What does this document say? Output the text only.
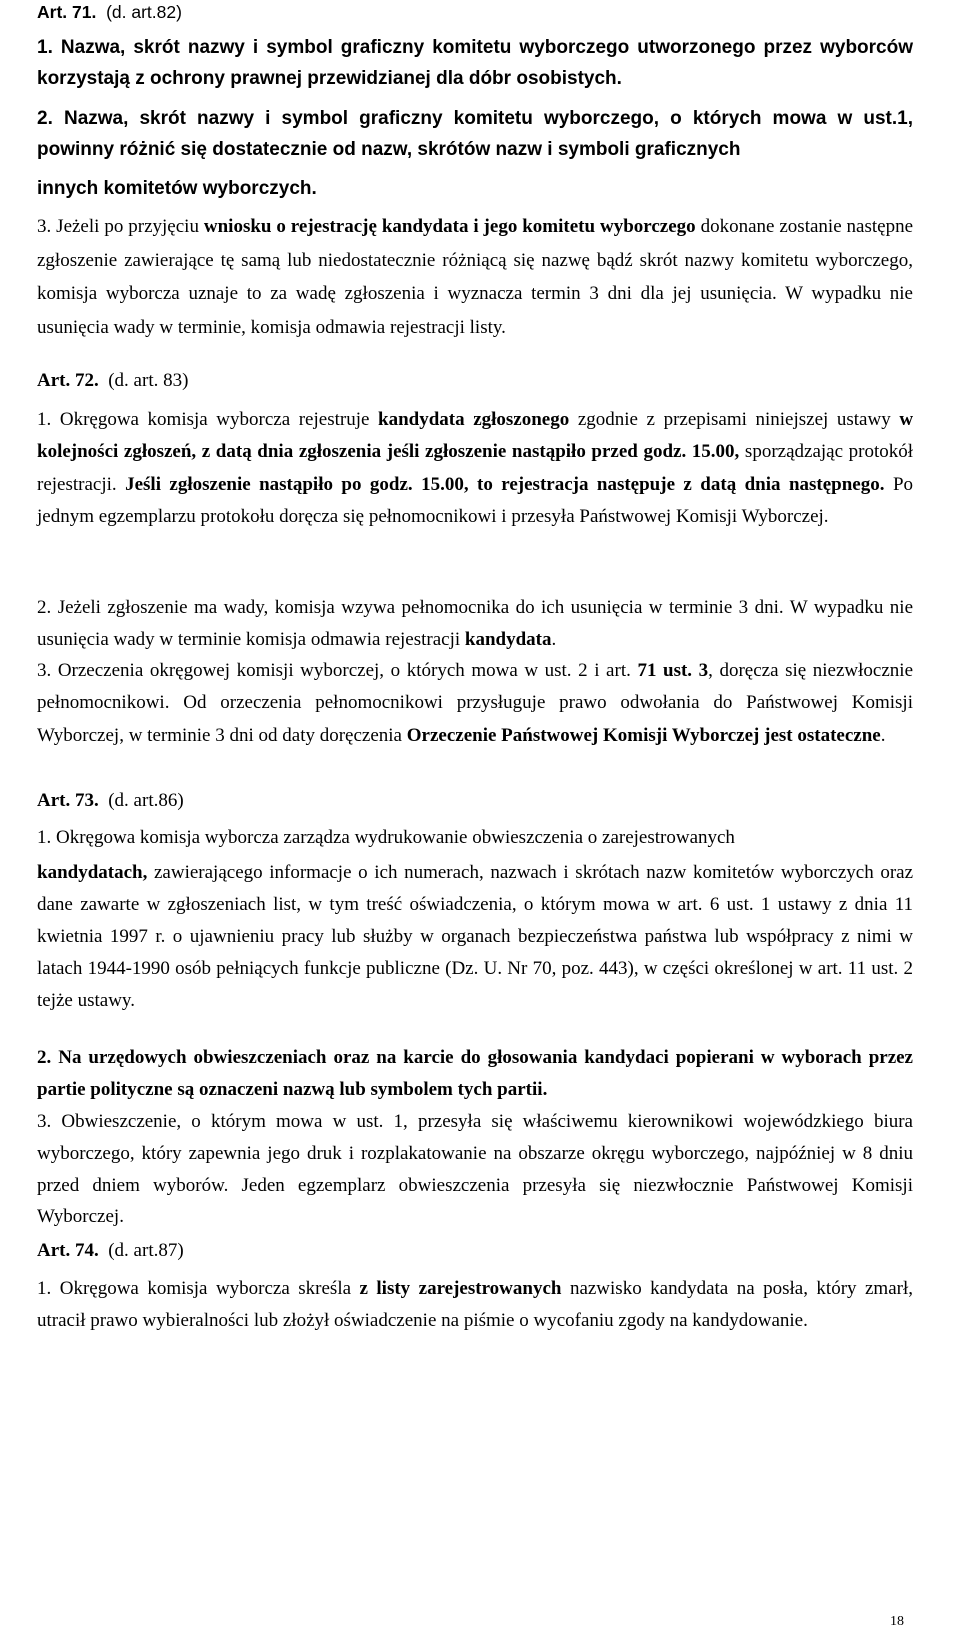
Art. 71. (d. art.82)
1. Nazwa, skrót nazwy i symbol graficzny komitetu wyborczego utworzonego przez wyborców korzystają z ochrony prawnej przewidzianej dla dóbr osobistych.
2. Nazwa, skrót nazwy i symbol graficzny komitetu wyborczego, o których mowa w ust.1, powinny różnić się dostatecznie od nazw, skrótów nazw i symboli graficznych
innych komitetów wyborczych.
3. Jeżeli po przyjęciu wniosku o rejestrację kandydata i jego komitetu wyborczego dokonane zostanie następne zgłoszenie zawierające tę samą lub niedostatecznie różniącą się nazwę bądź skrót nazwy komitetu wyborczego, komisja wyborcza uznaje to za wadę zgłoszenia i wyznacza termin 3 dni dla jej usunięcia. W wypadku nie usunięcia wady w terminie, komisja odmawia rejestracji listy.
Art. 72. (d. art. 83)
1. Okręgowa komisja wyborcza rejestruje kandydata zgłoszonego zgodnie z przepisami niniejszej ustawy w kolejności zgłoszeń, z datą dnia zgłoszenia jeśli zgłoszenie nastąpiło przed godz. 15.00, sporządzając protokół rejestracji. Jeśli zgłoszenie nastąpiło po godz. 15.00, to rejestracja następuje z datą dnia następnego. Po jednym egzemplarzu protokołu doręcza się pełnomocnikowi i przesyła Państwowej Komisji Wyborczej.
2. Jeżeli zgłoszenie ma wady, komisja wzywa pełnomocnika do ich usunięcia w terminie 3 dni. W wypadku nie usunięcia wady w terminie komisja odmawia rejestracji kandydata.
3. Orzeczenia okręgowej komisji wyborczej, o których mowa w ust. 2 i art. 71 ust. 3, doręcza się niezwłocznie pełnomocnikowi. Od orzeczenia pełnomocnikowi przysługuje prawo odwołania do Państwowej Komisji Wyborczej, w terminie 3 dni od daty doręczenia Orzeczenie Państwowej Komisji Wyborczej jest ostateczne.
Art. 73. (d. art.86)
1. Okręgowa komisja wyborcza zarządza wydrukowanie obwieszczenia o zarejestrowanych
kandydatach, zawierającego informacje o ich numerach, nazwach i skrótach nazw komitetów wyborczych oraz dane zawarte w zgłoszeniach list, w tym treść oświadczenia, o którym mowa w art. 6 ust. 1 ustawy z dnia 11 kwietnia 1997 r. o ujawnieniu pracy lub służby w organach bezpieczeństwa państwa lub współpracy z nimi w latach 1944-1990 osób pełniących funkcje publiczne (Dz. U. Nr 70, poz. 443), w części określonej w art. 11 ust. 2 tejże ustawy.
2. Na urzędowych obwieszczeniach oraz na karcie do głosowania kandydaci popierani w wyborach przez partie polityczne są oznaczeni nazwą lub symbolem tych partii.
3. Obwieszczenie, o którym mowa w ust. 1, przesyła się właściwemu kierownikowi wojewódzkiego biura wyborczego, który zapewnia jego druk i rozplakatowanie na obszarze okręgu wyborczego, najpóźniej w 8 dniu przed dniem wyborów. Jeden egzemplarz obwieszczenia przesyła się niezwłocznie Państwowej Komisji Wyborczej.
Art. 74. (d. art.87)
1. Okręgowa komisja wyborcza skreśla z listy zarejestrowanych nazwisko kandydata na posła, który zmarł, utracił prawo wybieralności lub złożył oświadczenie na piśmie o wycofaniu zgody na kandydowanie.
18
